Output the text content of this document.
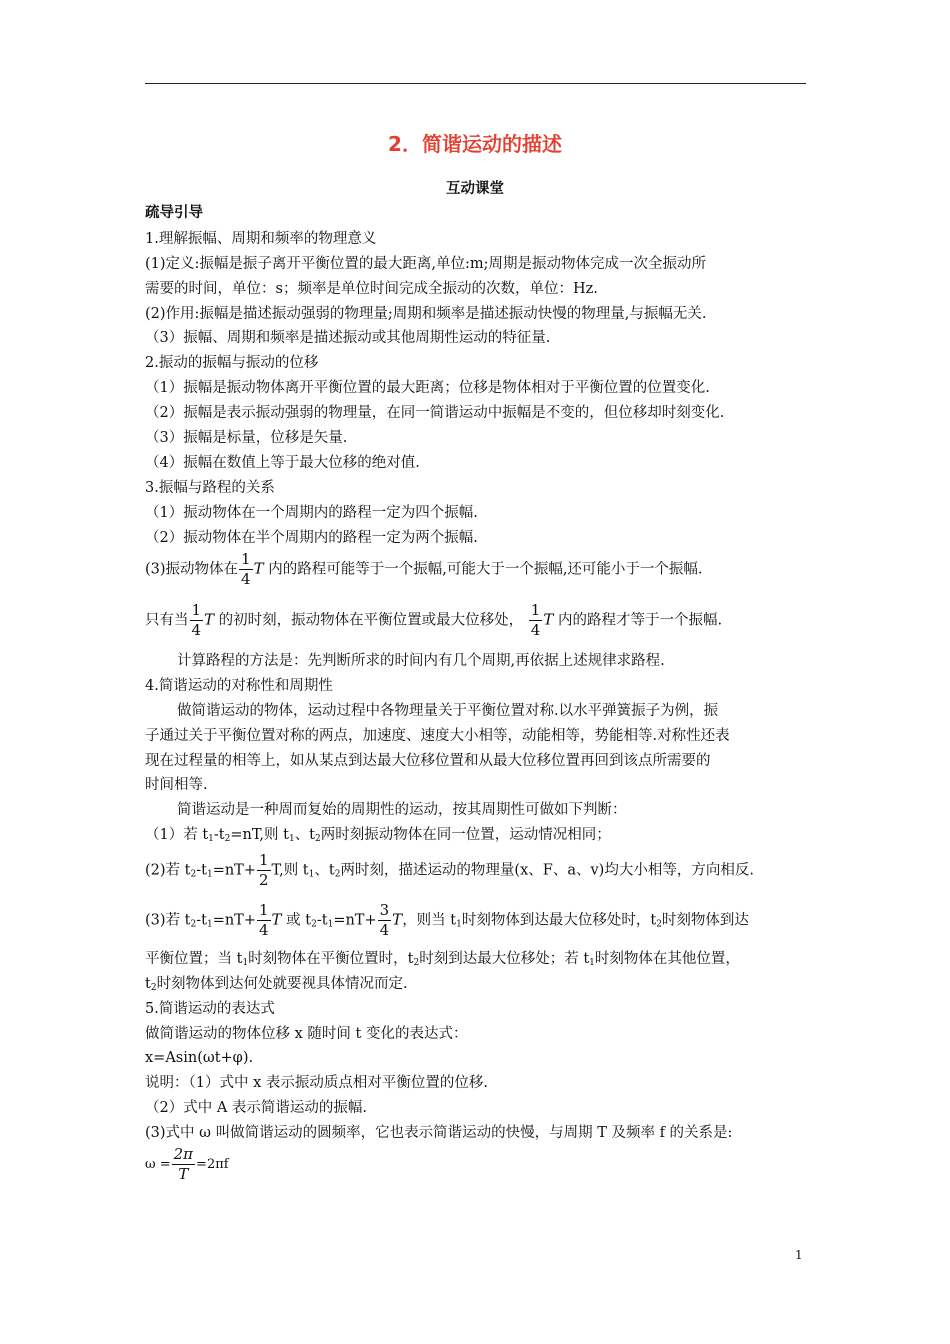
2．简谐运动的描述
互动课堂
疏导引导
1.理解振幅、周期和频率的物理意义
(1)定义:振幅是振子离开平衡位置的最大距离,单位:m;周期是振动物体完成一次全振动所
需要的时间，单位：s；频率是单位时间完成全振动的次数，单位：Hz.
(2)作用:振幅是描述振动强弱的物理量;周期和频率是描述振动快慢的物理量,与振幅无关.
（3）振幅、周期和频率是描述振动或其他周期性运动的特征量.
2.振动的振幅与振动的位移
（1）振幅是振动物体离开平衡位置的最大距离；位移是物体相对于平衡位置的位置变化.
（2）振幅是表示振动强弱的物理量，在同一简谐运动中振幅是不变的，但位移却时刻变化.
（3）振幅是标量，位移是矢量.
（4）振幅在数值上等于最大位移的绝对值.
3.振幅与路程的关系
（1）振动物体在一个周期内的路程一定为四个振幅.
（2）振动物体在半个周期内的路程一定为两个振幅.
(3)振动物体在 $\frac{1}{4}$ T 内的路程可能等于一个振幅,可能大于一个振幅,还可能小于一个振幅.
只有当 $\frac{1}{4}$ T 的初时刻，振动物体在平衡位置或最大位移处， $\frac{1}{4}$ T 内的路程才等于一个振幅.
计算路程的方法是：先判断所求的时间内有几个周期,再依据上述规律求路程.
4.简谐运动的对称性和周期性
做简谐运动的物体，运动过程中各物理量关于平衡位置对称.以水平弹簧振子为例，振
子通过关于平衡位置对称的两点，加速度、速度大小相等，动能相等，势能相等.对称性还表
现在过程量的相等上，如从某点到达最大位移位置和从最大位移位置再回到该点所需要的
时间相等.
简谐运动是一种周而复始的周期性的运动，按其周期性可做如下判断：
（1）若 $t_1-t_2=nT$,则 $t_1$、$t_2$两时刻振动物体在同一位置，运动情况相同；
(2)若 $t_2-t_1=nT+ \frac{1}{2} T$,则 $t_1$、$t_2$两时刻，描述运动的物理量(x、F、a、v)均大小相等，方向相反.
(3)若 $t_2-t_1=nT+ \frac{1}{4}$ T 或 $t_2-t_1=nT+ \frac{3}{4}$ T，则当 $t_1$时刻物体到达最大位移处时，$t_2$时刻物体到达
平衡位置；当 $t_1$时刻物体在平衡位置时，$t_2$时刻到达最大位移处；若 $t_1$时刻物体在其他位置，
$t_2$时刻物体到达何处就要视具体情况而定.
5.简谐运动的表达式
做简谐运动的物体位移 x 随时间 t 变化的表达式：
x=Asin(ωt+φ).
说明：（1）式中 x 表示振动质点相对平衡位置的位移.
（2）式中 A 表示简谐运动的振幅.
(3)式中 ω 叫做简谐运动的圆频率，它也表示简谐运动的快慢，与周期 T 及频率 f 的关系是:
$\omega = \frac{2\pi}{T} =2\pi f$
1
